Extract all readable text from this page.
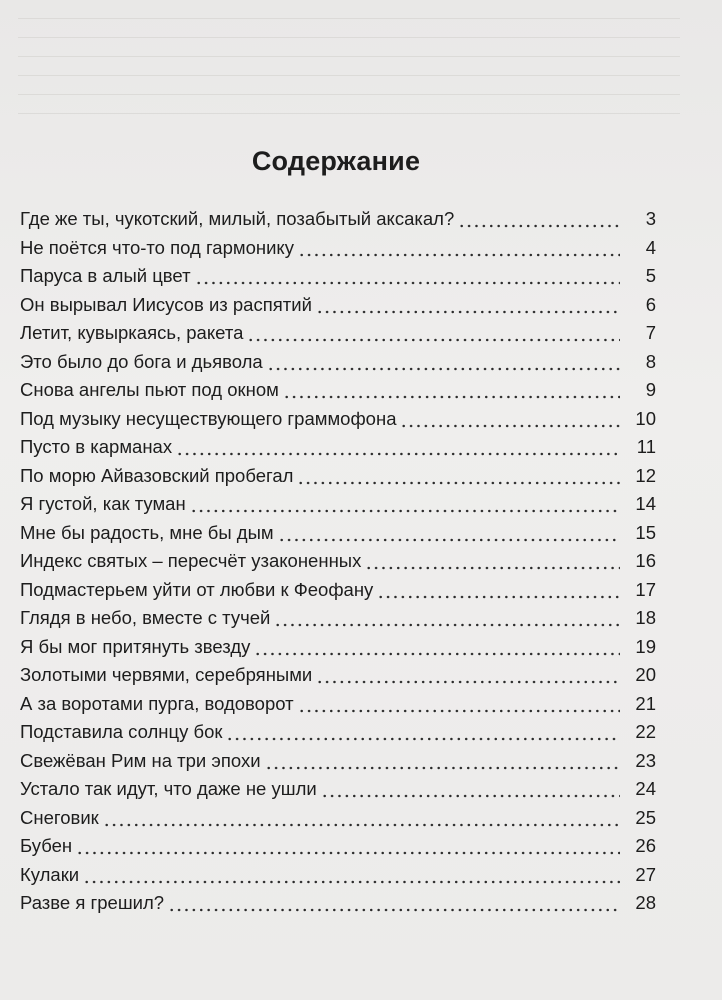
Содержание
Где же ты, чукотский, милый, позабытый аксакал?	3
Не поётся что-то под гармонику	4
Паруса в алый цвет	5
Он вырывал Иисусов из распятий	6
Летит, кувыркаясь, ракета	7
Это было до бога и дьявола	8
Снова ангелы пьют под окном	9
Под музыку несуществующего граммофона	10
Пусто в карманах	11
По морю Айвазовский пробегал	12
Я густой, как туман	14
Мне бы радость, мне бы дым	15
Индекс святых – пересчёт узаконенных	16
Подмастерьем уйти от любви к Феофану	17
Глядя в небо, вместе с тучей	18
Я бы мог притянуть звезду	19
Золотыми червями, серебряными	20
А за воротами пурга, водоворот	21
Подставила солнцу бок	22
Свежёван Рим на три эпохи	23
Устало так идут, что даже не ушли	24
Снеговик	25
Бубен	26
Кулаки	27
Разве я грешил?	28
